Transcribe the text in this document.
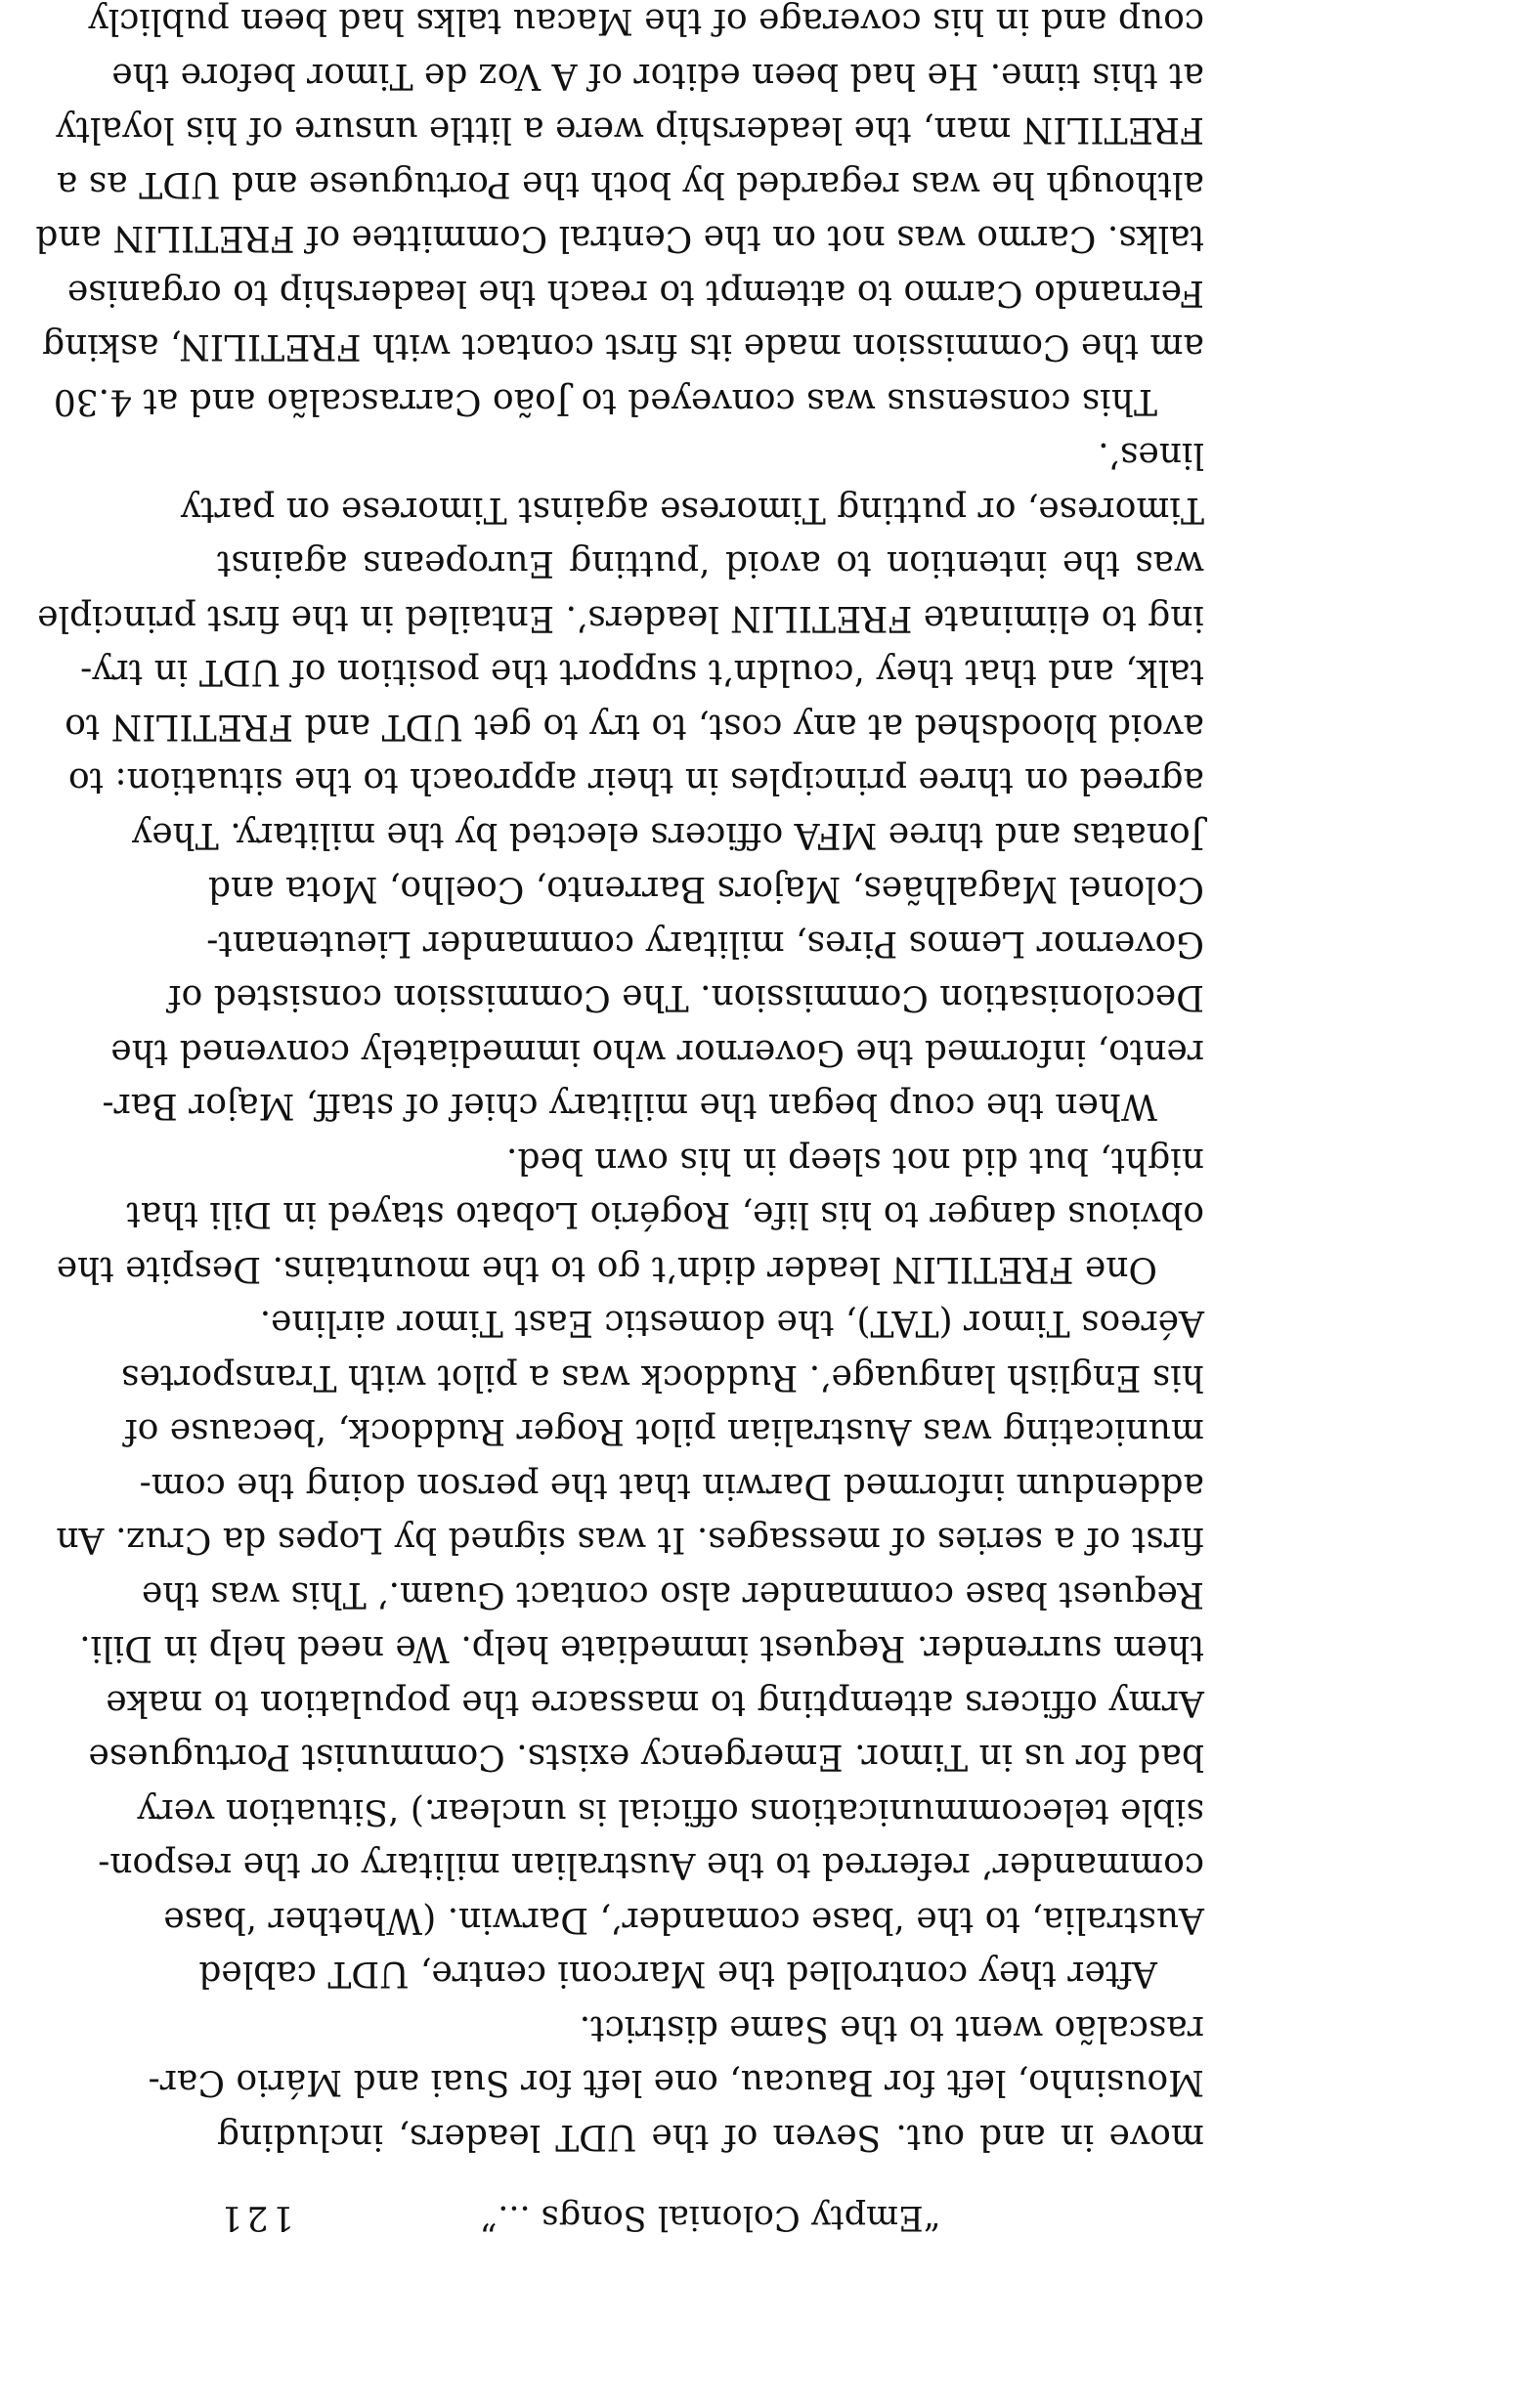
“Empty Colonial Songs ...”
121

move in and out. Seven of the UDT leaders, including
Mousinho, left for Baucau, one left for Suai and Mário Car-
rascalão went to the Same district.

After they controlled the Marconi centre, UDT cabled
Australia, to the ‘base comander’, Darwin. (Whether ‘base
commander’ referred to the Australian military or the respon-
sible telecommunications official is unclear.) ‘Situation very
bad for us in Timor. Emergency exists. Communist Portuguese
Army officers attempting to massacre the population to make
them surrender. Request immediate help. We need help in Dili.
Request base commander also contact Guam.’ This was the
first of a series of messages. It was signed by Lopes da Cruz. An
addendum informed Darwin that the person doing the com-
municating was Australian pilot Roger Ruddock, ‘because of
his English language’. Ruddock was a pilot with Transportes
Aéreos Timor (TAT), the domestic East Timor airline.

One FRETILIN leader didn’t go to the mountains. Despite the
obvious danger to his life, Rogério Lobato stayed in Dili that
night, but did not sleep in his own bed.

When the coup began the military chief of staff, Major Bar-
rento, informed the Governor who immediately convened the
Decolonisation Commission. The Commission consisted of
Governor Lemos Pires, military commander Lieutenant-
Colonel Magalhães, Majors Barrento, Coelho, Mota and
Jonatas and three MFA officers elected by the military. They
agreed on three principles in their approach to the situation: to
avoid bloodshed at any cost, to try to get UDT and FRETILIN to
talk, and that they ‘couldn’t support the position of UDT in try-
ing to eliminate FRETILIN leaders’. Entailed in the first principle
was the intention to avoid ‘putting Europeans against
Timorese, or putting Timorese against Timorese on party
lines’.

This consensus was conveyed to João Carrascalão and at 4.30
am the Commission made its first contact with FRETILIN, asking
Fernando Carmo to attempt to reach the leadership to organise
talks. Carmo was not on the Central Committee of FRETILIN and
although he was regarded by both the Portuguese and UDT as a
FRETILIN man, the leadership were a little unsure of his loyalty
at this time. He had been editor of A Voz de Timor before the
coup and in his coverage of the Macau talks had been publicly
